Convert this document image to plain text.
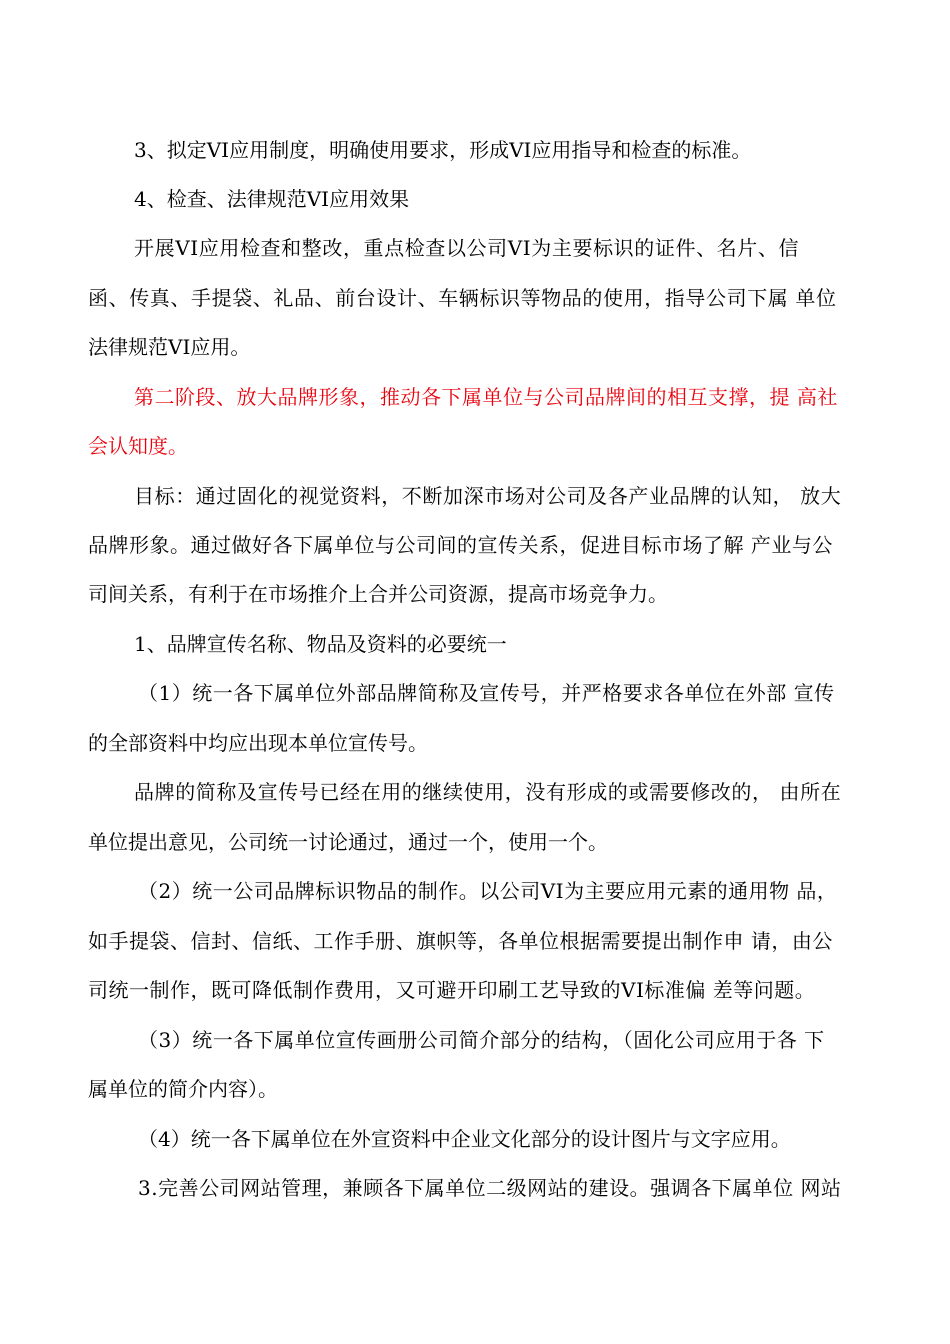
3、拟定VI应用制度，明确使用要求，形成VI应用指导和检查的标准。
4、检查、法律规范VI应用效果
开展VI应用检查和整改，重点检查以公司VI为主要标识的证件、名片、信
函、传真、手提袋、礼品、前台设计、车辆标识等物品的使用，指导公司下属 单位
法律规范VI应用。
第二阶段、放大品牌形象，推动各下属单位与公司品牌间的相互支撑，提 高社
会认知度。
目标：通过固化的视觉资料，不断加深市场对公司及各产业品牌的认知， 放大
品牌形象。通过做好各下属单位与公司间的宣传关系，促进目标市场了解 产业与公
司间关系，有利于在市场推介上合并公司资源，提高市场竞争力。
1、品牌宣传名称、物品及资料的必要统一
（1）统一各下属单位外部品牌简称及宣传号，并严格要求各单位在外部 宣传
的全部资料中均应出现本单位宣传号。
品牌的简称及宣传号已经在用的继续使用，没有形成的或需要修改的， 由所在
单位提出意见，公司统一讨论通过，通过一个，使用一个。
（2）统一公司品牌标识物品的制作。以公司VI为主要应用元素的通用物 品，
如手提袋、信封、信纸、工作手册、旗帜等，各单位根据需要提出制作申 请，由公
司统一制作，既可降低制作费用，又可避开印刷工艺导致的VI标准偏 差等问题。
（3）统一各下属单位宣传画册公司简介部分的结构，（固化公司应用于各 下
属单位的简介内容）。
（4）统一各下属单位在外宣资料中企业文化部分的设计图片与文字应用。
3.完善公司网站管理，兼顾各下属单位二级网站的建设。强调各下属单位 网站
